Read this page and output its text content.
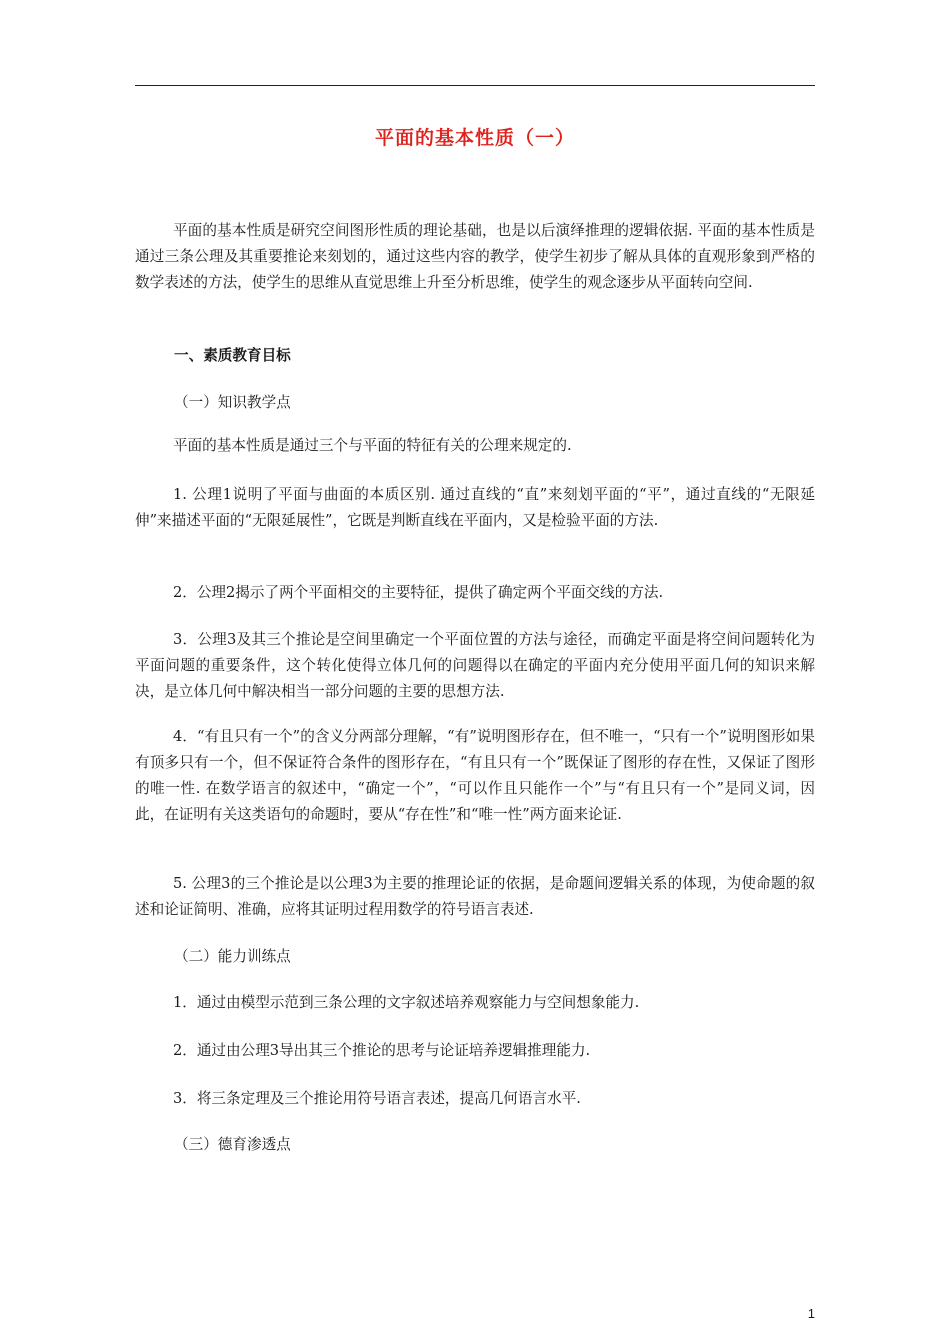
平面的基本性质（一）

平面的基本性质是研究空间图形性质的理论基础，也是以后演绎推理的逻辑依据. 平面的基本性质是通过三条公理及其重要推论来刻划的，通过这些内容的教学，使学生初步了解从具体的直观形象到严格的数学表述的方法，使学生的思维从直觉思维上升至分析思维，使学生的观念逐步从平面转向空间.

一、素质教育目标

（一）知识教学点

平面的基本性质是通过三个与平面的特征有关的公理来规定的.

1. 公理1说明了平面与曲面的本质区别. 通过直线的“直”来刻划平面的“平”，通过直线的“无限延伸”来描述平面的“无限延展性”，它既是判断直线在平面内，又是检验平面的方法.

2．公理2揭示了两个平面相交的主要特征，提供了确定两个平面交线的方法.

3．公理3及其三个推论是空间里确定一个平面位置的方法与途径，而确定平面是将空间问题转化为平面问题的重要条件，这个转化使得立体几何的问题得以在确定的平面内充分使用平面几何的知识来解决，是立体几何中解决相当一部分问题的主要的思想方法.

4．“有且只有一个”的含义分两部分理解，“有”说明图形存在，但不唯一，“只有一个”说明图形如果有顶多只有一个，但不保证符合条件的图形存在，“有且只有一个”既保证了图形的存在性，又保证了图形的唯一性. 在数学语言的叙述中，“确定一个”，“可以作且只能作一个”与“有且只有一个”是同义词，因此，在证明有关这类语句的命题时，要从“存在性”和“唯一性”两方面来论证.

5. 公理3的三个推论是以公理3为主要的推理论证的依据，是命题间逻辑关系的体现，为使命题的叙述和论证简明、准确，应将其证明过程用数学的符号语言表述.

（二）能力训练点

1．通过由模型示范到三条公理的文字叙述培养观察能力与空间想象能力.

2．通过由公理3导出其三个推论的思考与论证培养逻辑推理能力.

3．将三条定理及三个推论用符号语言表述，提高几何语言水平.

（三）德育渗透点

1
